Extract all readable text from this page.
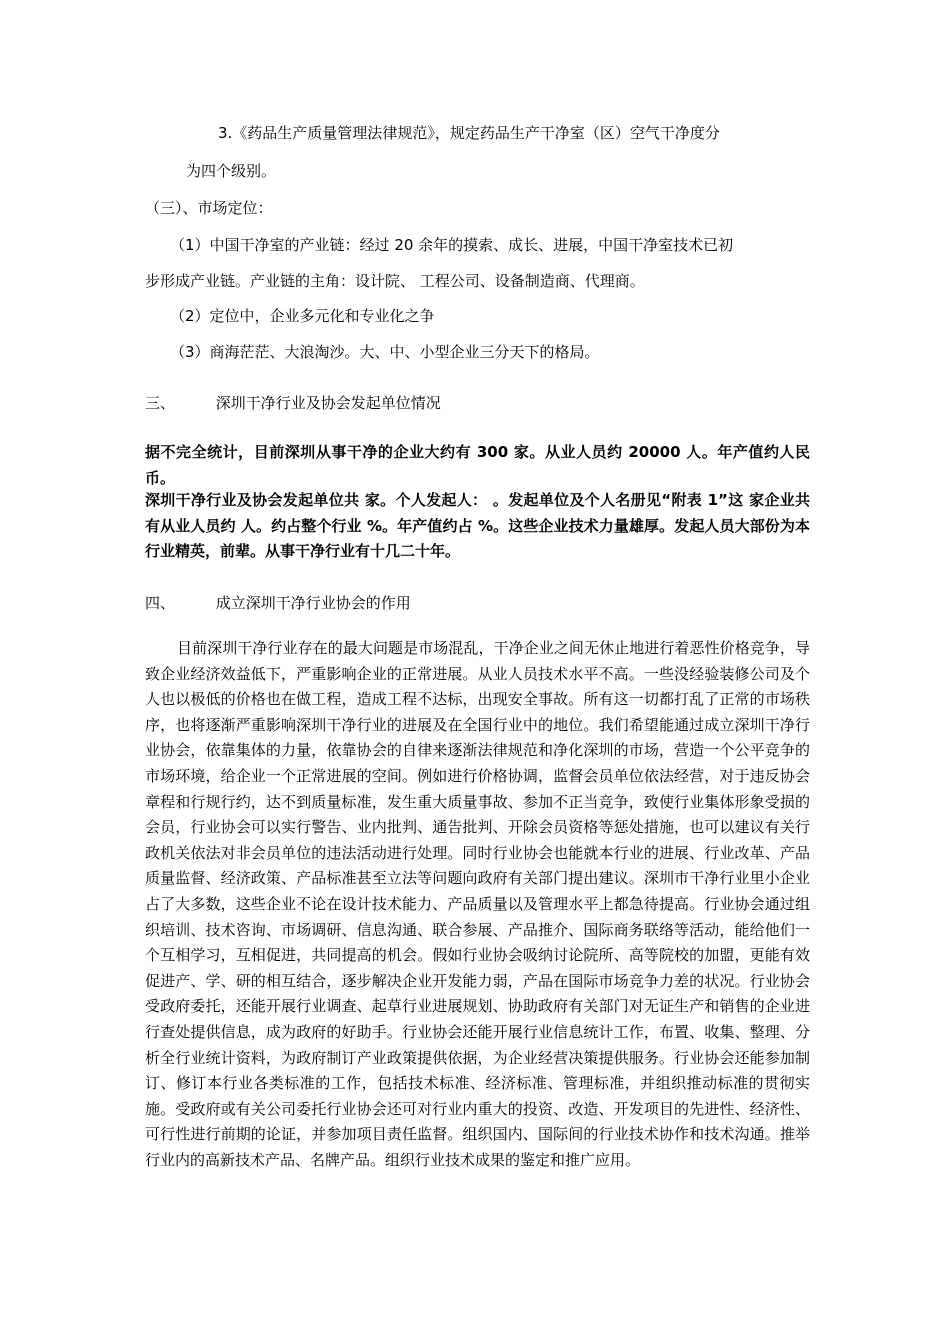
3.《药品生产质量管理法律规范》，规定药品生产干净室（区）空气干净度分
为四个级别。
（三）、市场定位：
（1）中国干净室的产业链：经过 20 余年的摸索、成长、进展，中国干净室技术已初
步形成产业链。产业链的主角：设计院、 工程公司、设备制造商、代理商。
（2）定位中，企业多元化和专业化之争
（3）商海茫茫、大浪淘沙。大、中、小型企业三分天下的格局。
三、	深圳干净行业及协会发起单位情况
据不完全统计，目前深圳从事干净的企业大约有 300 家。从业人员约 20000 人。年产值约人民币。
深圳干净行业及协会发起单位共 家。个人发起人： 。发起单位及个人名册见“附表 1”这 家企业共有从业人员约 人。约占整个行业 %。年产值约占 %。这些企业技术力量雄厚。发起人员大部份为本行业精英，前辈。从事干净行业有十几二十年。
四、	成立深圳干净行业协会的作用
目前深圳干净行业存在的最大问题是市场混乱，干净企业之间无休止地进行着恶性价格竞争，导致企业经济效益低下，严重影响企业的正常进展。从业人员技术水平不高。一些没经验装修公司及个人也以极低的价格也在做工程，造成工程不达标，出现安全事故。所有这一切都打乱了正常的市场秩序，也将逐渐严重影响深圳干净行业的进展及在全国行业中的地位。我们希望能通过成立深圳干净行业协会，依靠集体的力量，依靠协会的自律来逐渐法律规范和净化深圳的市场，营造一个公平竞争的市场环境，给企业一个正常进展的空间。例如进行价格协调，监督会员单位依法经营，对于违反协会章程和行规行约，达不到质量标准，发生重大质量事故、参加不正当竞争，致使行业集体形象受损的会员，行业协会可以实行警告、业内批判、通告批判、开除会员资格等惩处措施，也可以建议有关行政机关依法对非会员单位的违法活动进行处理。同时行业协会也能就本行业的进展、行业改革、产品质量监督、经济政策、产品标准甚至立法等问题向政府有关部门提出建议。深圳市干净行业里小企业占了大多数，这些企业不论在设计技术能力、产品质量以及管理水平上都急待提高。行业协会通过组织培训、技术咨询、市场调研、信息沟通、联合参展、产品推介、国际商务联络等活动，能给他们一个互相学习，互相促进，共同提高的机会。假如行业协会吸纳讨论院所、高等院校的加盟，更能有效促进产、学、研的相互结合，逐步解决企业开发能力弱，产品在国际市场竞争力差的状况。行业协会受政府委托，还能开展行业调查、起草行业进展规划、协助政府有关部门对无证生产和销售的企业进行查处提供信息，成为政府的好助手。行业协会还能开展行业信息统计工作，布置、收集、整理、分析全行业统计资料，为政府制订产业政策提供依据，为企业经营决策提供服务。行业协会还能参加制订、修订本行业各类标准的工作，包括技术标准、经济标准、管理标准，并组织推动标准的贯彻实施。受政府或有关公司委托行业协会还可对行业内重大的投资、改造、开发项目的先进性、经济性、可行性进行前期的论证，并参加项目责任监督。组织国内、国际间的行业技术协作和技术沟通。推举行业内的高新技术产品、名牌产品。组织行业技术成果的鉴定和推广应用。
